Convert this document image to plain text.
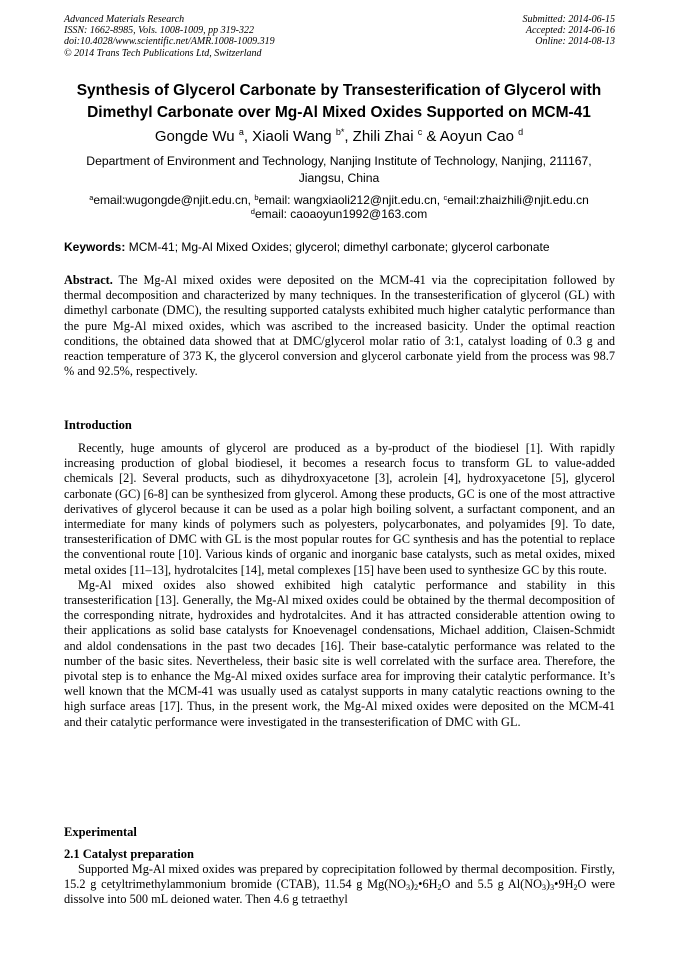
Advanced Materials Research
ISSN: 1662-8985, Vols. 1008-1009, pp 319-322
doi:10.4028/www.scientific.net/AMR.1008-1009.319
© 2014 Trans Tech Publications Ltd, Switzerland
Submitted: 2014-06-15
Accepted: 2014-06-16
Online: 2014-08-13
Synthesis of Glycerol Carbonate by Transesterification of Glycerol with
Dimethyl Carbonate over Mg-Al Mixed Oxides Supported on MCM-41
Gongde Wu $^a$, Xiaoli Wang $^{b*}$, Zhili Zhai $^c$ & Aoyun Cao $^d$
Department of Environment and Technology, Nanjing Institute of Technology, Nanjing, 211167,
Jiangsu, China
$^a$email:wugongde@njit.edu.cn, $^b$email: wangxiaoli212@njit.edu.cn, $^c$email:zhaizhili@njit.edu.cn
$^d$email: caoaoyun1992@163.com
Keywords: MCM-41; Mg-Al Mixed Oxides; glycerol; dimethyl carbonate; glycerol carbonate
Abstract. The Mg-Al mixed oxides were deposited on the MCM-41 via the coprecipitation followed by thermal decomposition and characterized by many techniques. In the transesterification of glycerol (GL) with dimethyl carbonate (DMC), the resulting supported catalysts exhibited much higher catalytic performance than the pure Mg-Al mixed oxides, which was ascribed to the increased basicity. Under the optimal reaction conditions, the obtained data showed that at DMC/glycerol molar ratio of 3:1, catalyst loading of 0.3 g and reaction temperature of 373 K, the glycerol conversion and glycerol carbonate yield from the process was 98.7 % and 92.5%, respectively.
Introduction

Recently, huge amounts of glycerol are produced as a by-product of the biodiesel [1]. With rapidly increasing production of global biodiesel, it becomes a research focus to transform GL to value-added chemicals [2]. Several products, such as dihydroxyacetone [3], acrolein [4], hydroxyacetone [5], glycerol carbonate (GC) [6-8] can be synthesized from glycerol. Among these products, GC is one of the most attractive derivatives of glycerol because it can be used as a polar high boiling solvent, a surfactant component, and an intermediate for many kinds of polymers such as polyesters, polycarbonates, and polyamides [9]. To date, transesterification of DMC with GL is the most popular routes for GC synthesis and has the potential to replace the conventional route [10]. Various kinds of organic and inorganic base catalysts, such as metal oxides, mixed metal oxides [11–13], hydrotalcites [14], metal complexes [15] have been used to synthesize GC by this route.

Mg-Al mixed oxides also showed exhibited high catalytic performance and stability in this transesterification [13]. Generally, the Mg-Al mixed oxides could be obtained by the thermal decomposition of the corresponding nitrate, hydroxides and hydrotalcites. And it has attracted considerable attention owing to their applications as solid base catalysts for Knoevenagel condensations, Michael addition, Claisen-Schmidt and aldol condensations in the past two decades [16]. Their base-catalytic performance was related to the number of the basic sites. Nevertheless, their basic site is well correlated with the surface area. Therefore, the pivotal step is to enhance the Mg-Al mixed oxides surface area for improving their catalytic performance. It’s well known that the MCM-41 was usually used as catalyst supports in many catalytic reactions owning to the high surface areas [17]. Thus, in the present work, the Mg-Al mixed oxides were deposited on the MCM-41 and their catalytic performance were investigated in the transesterification of DMC with GL.

Experimental
2.1 Catalyst preparation

Supported Mg-Al mixed oxides was prepared by coprecipitation followed by thermal decomposition. Firstly, 15.2 g cetyltrimethylammonium bromide (CTAB), 11.54 g $Mg(NO_3)_2•6H_2O$ and 5.5 g $Al(NO_3)_3•9H_2O$ were dissolve into 500 mL deioned water. Then 4.6 g tetraethyl
